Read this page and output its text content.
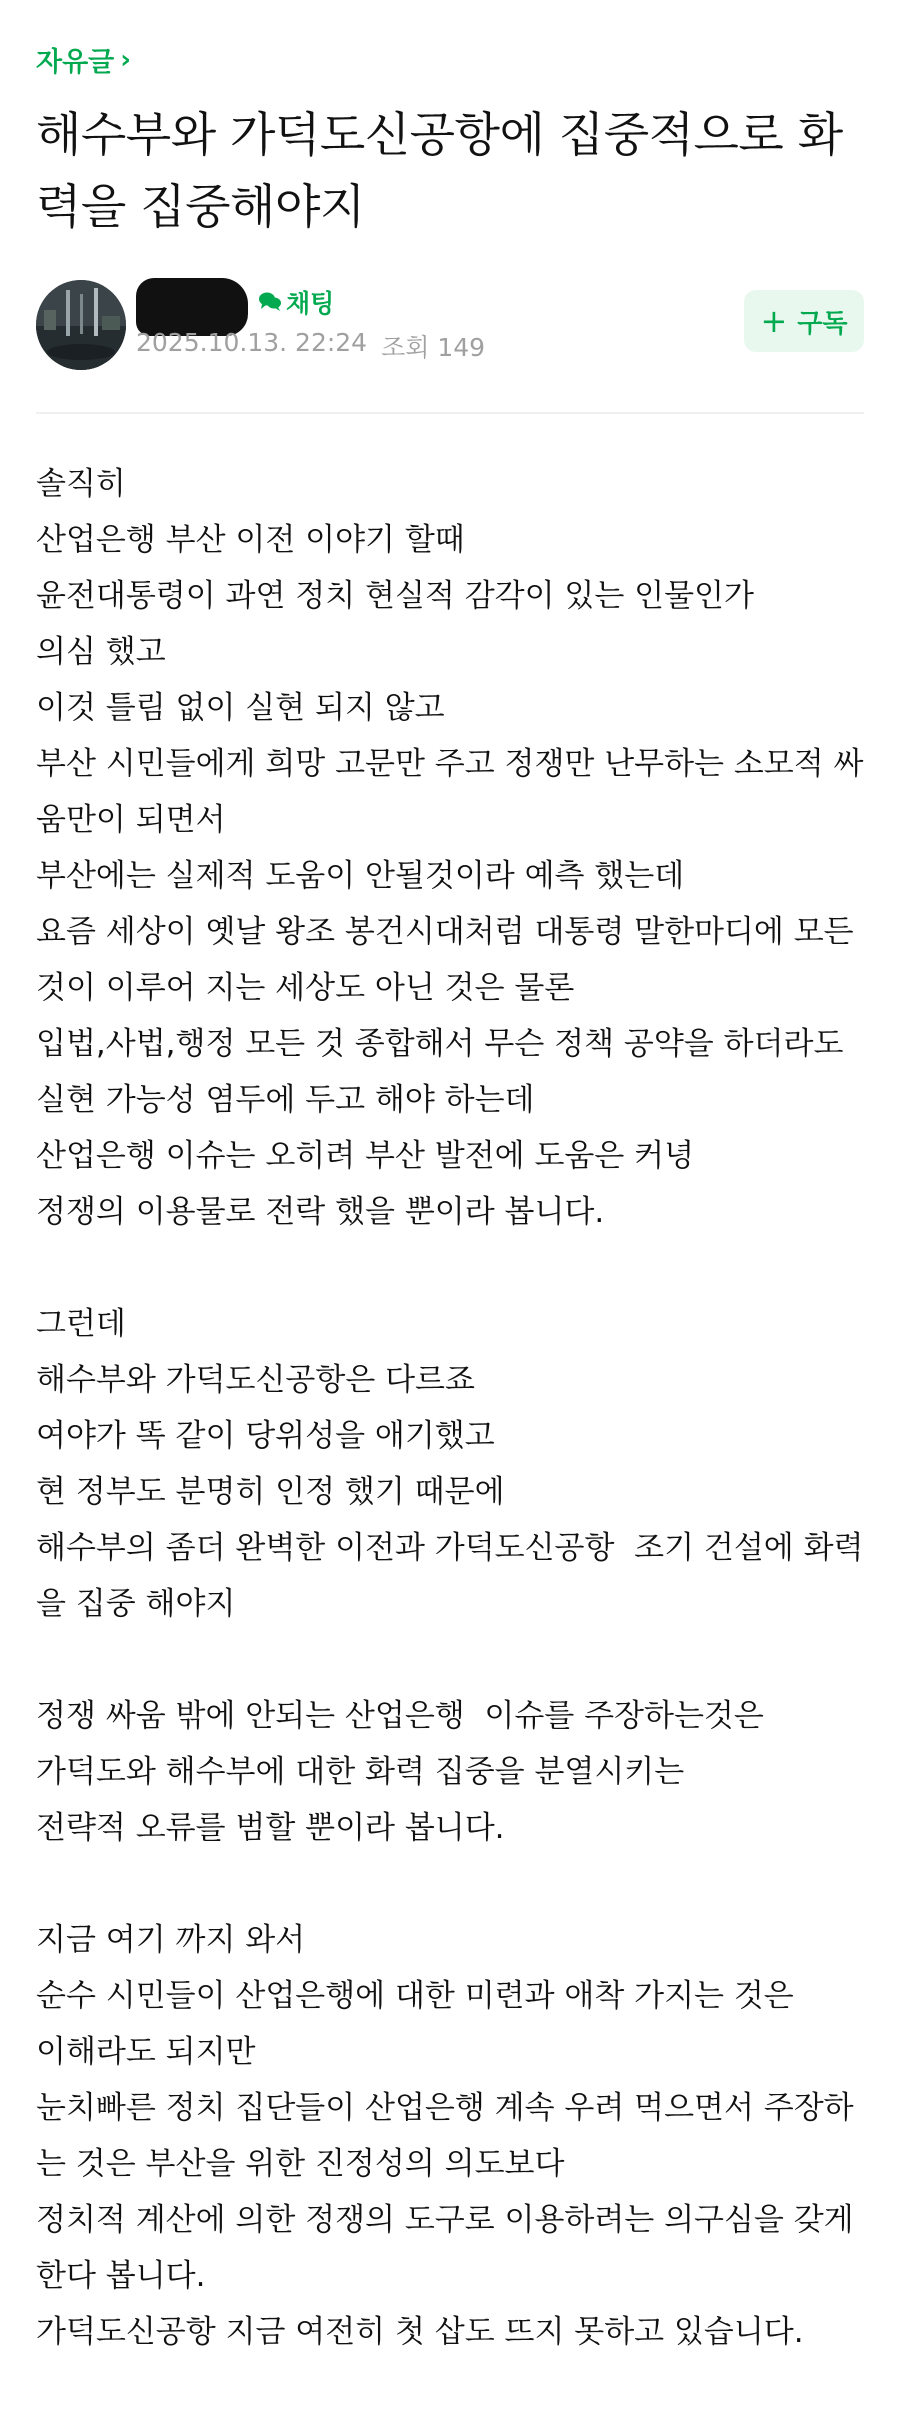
자유글 ›
해수부와 가덕도신공항에 집중적으로 화력을 집중해야지
채팅
2025.10.13. 22:24 조회 149
+ 구독
솔직히
산업은행 부산 이전 이야기 할때
윤전대통령이 과연 정치 현실적 감각이 있는 인물인가
의심 했고
이것 틀림 없이 실현 되지 않고
부산 시민들에게 희망 고문만 주고 정쟁만 난무하는 소모적 싸
움만이 되면서
부산에는 실제적 도움이 안될것이라 예측 했는데
요즘 세상이 옛날 왕조 봉건시대처럼 대통령 말한마디에 모든
것이 이루어 지는 세상도 아닌 것은 물론
입법,사법,행정 모든 것 종합해서 무슨 정책 공약을 하더라도
실현 가능성 염두에 두고 해야 하는데
산업은행 이슈는 오히려 부산 발전에 도움은 커녕
정쟁의 이용물로 전락 했을 뿐이라 봅니다.
그런데
해수부와 가덕도신공항은 다르죠
여야가 똑 같이 당위성을 애기했고
현 정부도 분명히 인정 했기 때문에
해수부의 좀더 완벽한 이전과 가덕도신공항  조기 건설에 화력
을 집중 해야지
정쟁 싸움 밖에 안되는 산업은행  이슈를 주장하는것은
가덕도와 해수부에 대한 화력 집중을 분열시키는
전략적 오류를 범할 뿐이라 봅니다.
지금 여기 까지 와서
순수 시민들이 산업은행에 대한 미련과 애착 가지는 것은
이해라도 되지만
눈치빠른 정치 집단들이 산업은행 계속 우려 먹으면서 주장하
는 것은 부산을 위한 진정성의 의도보다
정치적 계산에 의한 정쟁의 도구로 이용하려는 의구심을 갖게
한다 봅니다.
가덕도신공항 지금 여전히 첫 삽도 뜨지 못하고 있습니다.
